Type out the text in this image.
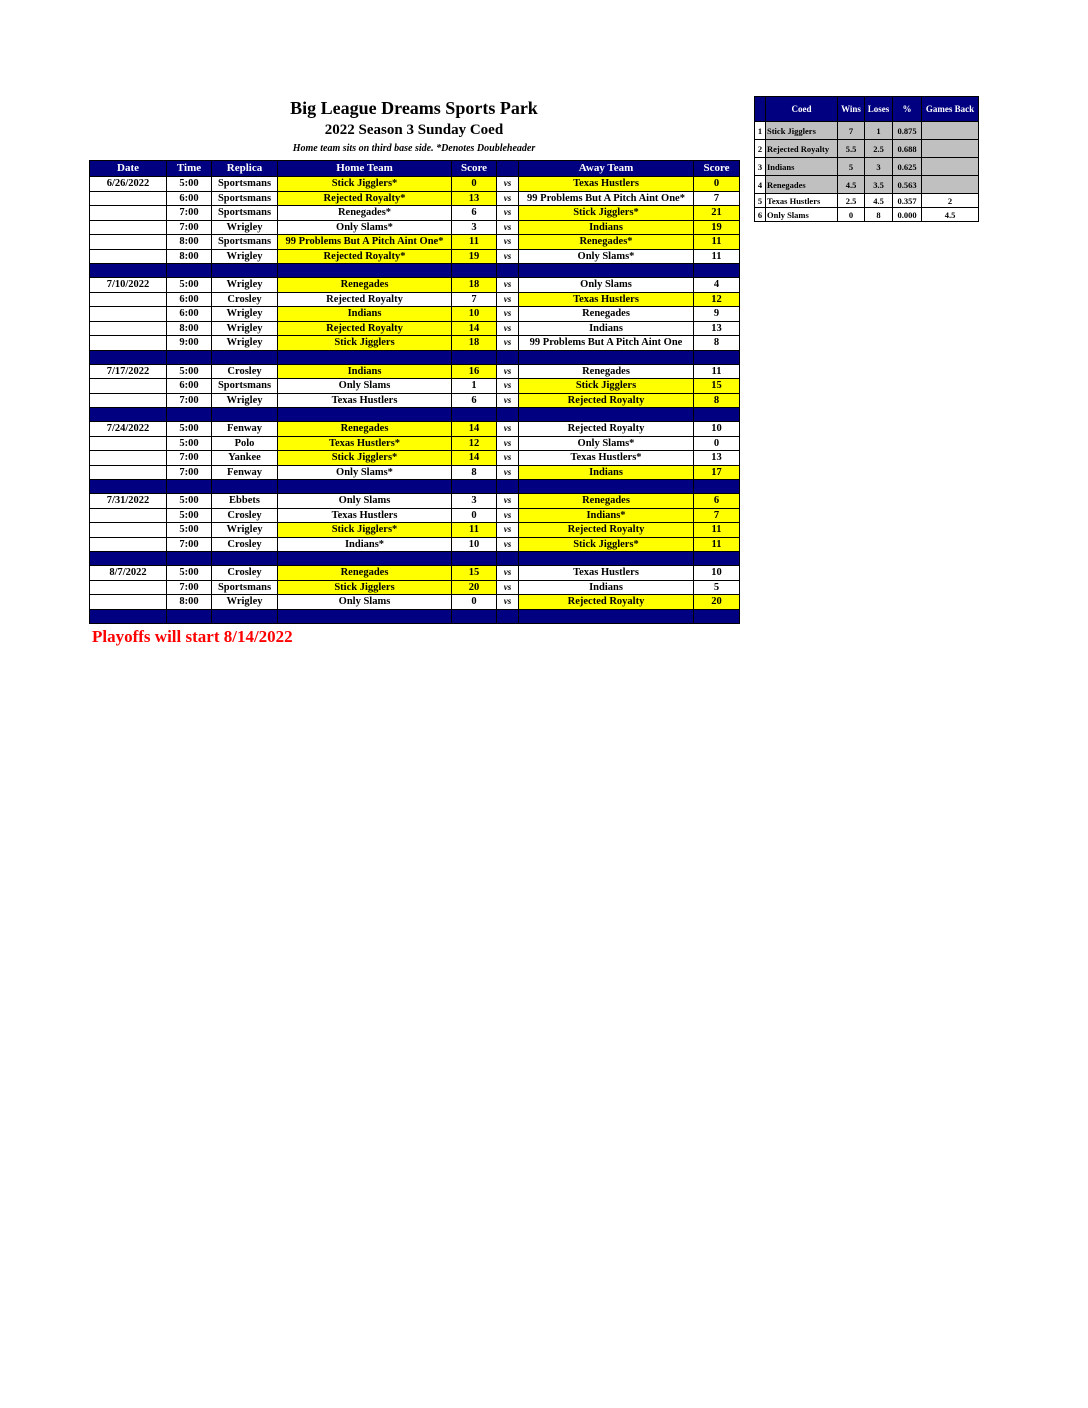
Big League Dreams Sports Park
2022 Season 3 Sunday Coed
Home team sits on third base side. *Denotes Doubleheader
Date	Time	Replica	Home Team	Score		Away Team	Score
6/26/2022	5:00	Sportsmans	Stick Jigglers*	0	vs	Texas Hustlers	0
	6:00	Sportsmans	Rejected Royalty*	13	vs	99 Problems But A Pitch Aint One*	7
	7:00	Sportsmans	Renegades*	6	vs	Stick Jigglers*	21
	7:00	Wrigley	Only Slams*	3	vs	Indians	19
	8:00	Sportsmans	99 Problems But A Pitch Aint One*	11	vs	Renegades*	11
	8:00	Wrigley	Rejected Royalty*	19	vs	Only Slams*	11

7/10/2022	5:00	Wrigley	Renegades	18	vs	Only Slams	4
	6:00	Crosley	Rejected Royalty	7	vs	Texas Hustlers	12
	6:00	Wrigley	Indians	10	vs	Renegades	9
	8:00	Wrigley	Rejected Royalty	14	vs	Indians	13
	9:00	Wrigley	Stick Jigglers	18	vs	99 Problems But A Pitch Aint One	8

7/17/2022	5:00	Crosley	Indians	16	vs	Renegades	11
	6:00	Sportsmans	Only Slams	1	vs	Stick Jigglers	15
	7:00	Wrigley	Texas Hustlers	6	vs	Rejected Royalty	8

7/24/2022	5:00	Fenway	Renegades	14	vs	Rejected Royalty	10
	5:00	Polo	Texas Hustlers*	12	vs	Only Slams*	0
	7:00	Yankee	Stick Jigglers*	14	vs	Texas Hustlers*	13
	7:00	Fenway	Only Slams*	8	vs	Indians	17

7/31/2022	5:00	Ebbets	Only Slams	3	vs	Renegades	6
	5:00	Crosley	Texas Hustlers	0	vs	Indians*	7
	5:00	Wrigley	Stick Jigglers*	11	vs	Rejected Royalty	11
	7:00	Crosley	Indians*	10	vs	Stick Jigglers*	11

8/7/2022	5:00	Crosley	Renegades	15	vs	Texas Hustlers	10
	7:00	Sportsmans	Stick Jigglers	20	vs	Indians	5
	8:00	Wrigley	Only Slams	0	vs	Rejected Royalty	20

	Coed	Wins	Loses	%	Games Back
1	Stick Jigglers	7	1	0.875	
2	Rejected Royalty	5.5	2.5	0.688	
3	Indians	5	3	0.625	
4	Renegades	4.5	3.5	0.563	
5	Texas Hustlers	2.5	4.5	0.357	2
6	Only Slams	0	8	0.000	4.5
Playoffs will start 8/14/2022
